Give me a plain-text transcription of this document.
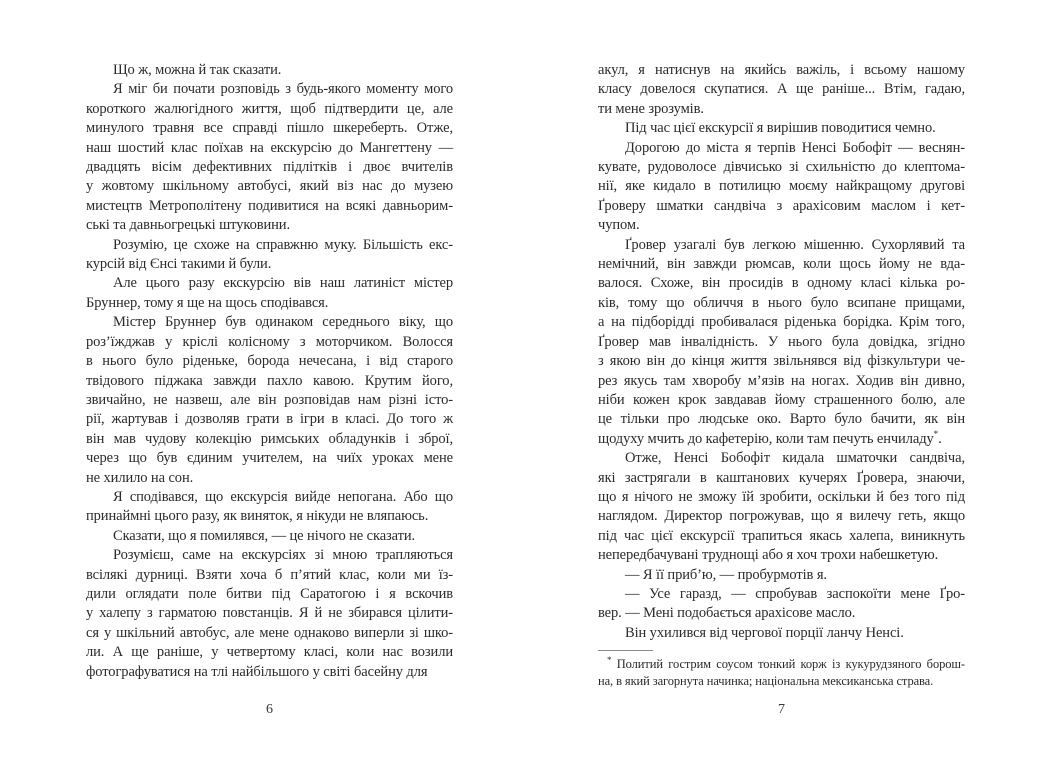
Що ж, можна й так сказати.
Я міг би почати розповідь з будь-якого моменту мого
короткого жалюгідного життя, щоб підтвердити це, але
минулого травня все справді пішло шкереберть. Отже,
наш шостий клас поїхав на екскурсію до Мангеттену —
двадцять вісім дефективних підлітків і двоє вчителів
у жовтому шкільному автобусі, який віз нас до музею
мистецтв Метрополітену подивитися на всякі давньорим-
ські та давньогрецькі штуковини.
Розумію, це схоже на справжню муку. Більшість екс-
курсій від Єнсі такими й були.
Але цього разу екскурсію вів наш латиніст містер
Бруннер, тому я ще на щось сподівався.
Містер Бруннер був одинаком середнього віку, що
роз’їжджав у кріслі колісному з моторчиком. Волосся
в нього було ріденьке, борода нечесана, і від старого
твідового піджака завжди пахло кавою. Крутим його,
звичайно, не назвеш, але він розповідав нам різні істо-
рії, жартував і дозволяв грати в ігри в класі. До того ж
він мав чудову колекцію римських обладунків і зброї,
через що був єдиним учителем, на чиїх уроках мене
не хилило на сон.
Я сподівався, що екскурсія вийде непогана. Або що
принаймні цього разу, як виняток, я нікуди не вляпаюсь.
Сказати, що я помилявся, — це нічого не сказати.
Розумієш, саме на екскурсіях зі мною трапляються
всілякі дурниці. Взяти хоча б п’ятий клас, коли ми їз-
дили оглядати поле битви під Саратогою і я вскочив
у халепу з гарматою повстанців. Я й не збирався цілити-
ся у шкільний автобус, але мене однаково виперли зі шко-
ли. А ще раніше, у четвертому класі, коли нас возили
фотографуватися на тлі найбільшого у світі басейну для
6
акул, я натиснув на якийсь важіль, і всьому нашому
класу довелося скупатися. А ще раніше... Втім, гадаю,
ти мене зрозумів.
Під час цієї екскурсії я вирішив поводитися чемно.
Дорогою до міста я терпів Ненсі Бобофіт — веснян-
кувате, рудоволосе дівчисько зі схильністю до клептома-
нії, яке кидало в потилицю моєму найкращому другові
Ґроверу шматки сандвіча з арахісовим маслом і кет-
чупом.
Ґровер узагалі був легкою мішенню. Сухорлявий та
немічний, він завжди рюмсав, коли щось йому не вда-
валося. Схоже, він просидів в одному класі кілька ро-
ків, тому що обличчя в нього було всипане прищами,
а на підборідді пробивалася ріденька борідка. Крім того,
Ґровер мав інвалідність. У нього була довідка, згідно
з якою він до кінця життя звільнявся від фізкультури че-
рез якусь там хворобу м’язів на ногах. Ходив він дивно,
ніби кожен крок завдавав йому страшенного болю, але
це тільки про людське око. Варто було бачити, як він
щодуху мчить до кафетерію, коли там печуть енчиладу*.
Отже, Ненсі Бобофіт кидала шматочки сандвіча,
які застрягали в каштанових кучерях Ґровера, знаючи,
що я нічого не зможу їй зробити, оскільки й без того під
наглядом. Директор погрожував, що я вилечу геть, якщо
під час цієї екскурсії трапиться якась халепа, виникнуть
непередбачувані труднощі або я хоч трохи набешкетую.
— Я її приб’ю, — пробурмотів я.
— Усе гаразд, — спробував заспокоїти мене Ґро-
вер. — Мені подобається арахісове масло.
Він ухилився від чергової порції ланчу Ненсі.
* Политий гострим соусом тонкий корж із кукурудзяного борош-
на, в який загорнута начинка; національна мексиканська страва.
7
